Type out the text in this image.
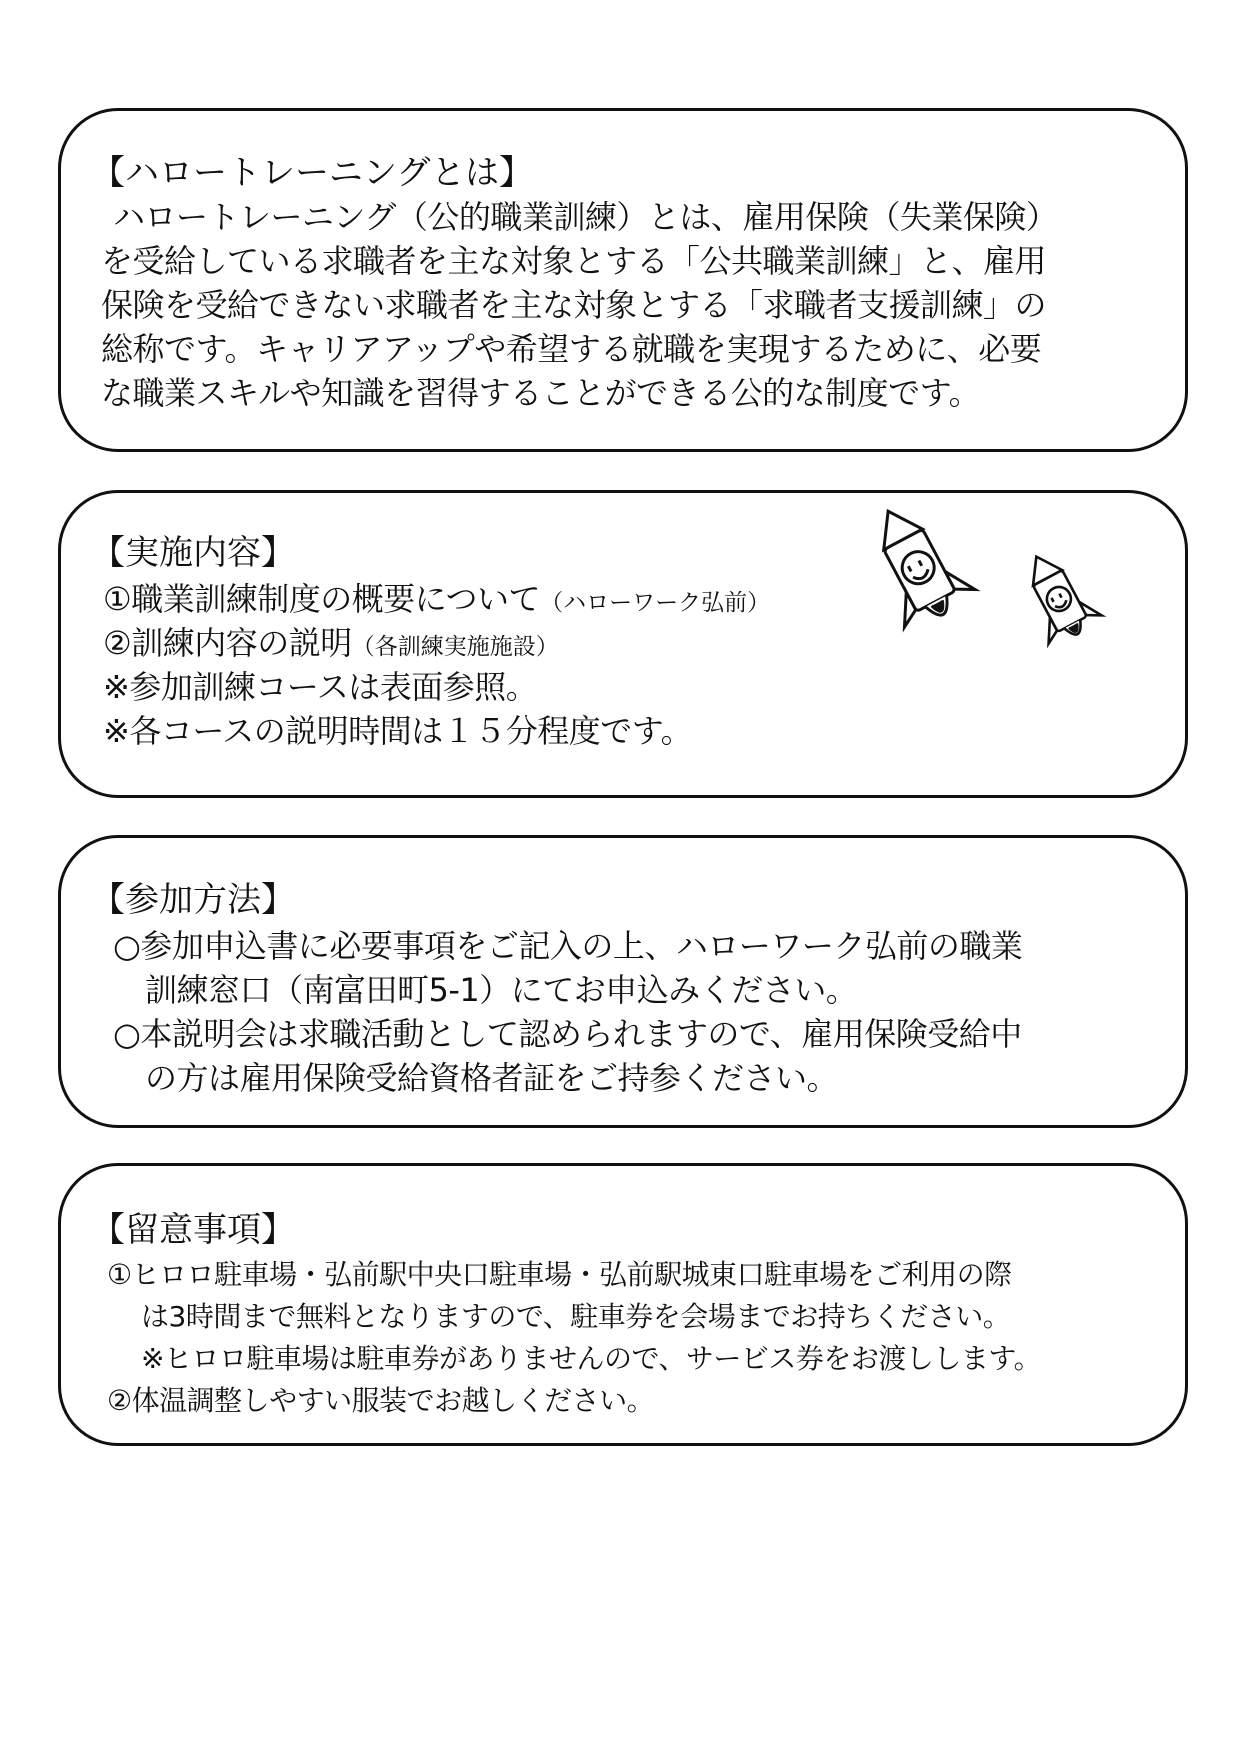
【ハロートレーニングとは】
ハロートレーニング（公的職業訓練）とは、雇用保険（失業保険）
を受給している求職者を主な対象とする「公共職業訓練」と、雇用
保険を受給できない求職者を主な対象とする「求職者支援訓練」の
総称です。キャリアアップや希望する就職を実現するために、必要
な職業スキルや知識を習得することができる公的な制度です。
【実施内容】
①職業訓練制度の概要について（ハローワーク弘前）
②訓練内容の説明（各訓練実施施設）
※参加訓練コースは表面参照。
※各コースの説明時間は１５分程度です。
【参加方法】
○参加申込書に必要事項をご記入の上、ハローワーク弘前の職業
訓練窓口（南富田町5-1）にてお申込みください。
○本説明会は求職活動として認められますので、雇用保険受給中
の方は雇用保険受給資格者証をご持参ください。
【留意事項】
①ヒロロ駐車場・弘前駅中央口駐車場・弘前駅城東口駐車場をご利用の際
は3時間まで無料となりますので、駐車券を会場までお持ちください。
※ヒロロ駐車場は駐車券がありませんので、サービス券をお渡しします。
②体温調整しやすい服装でお越しください。
